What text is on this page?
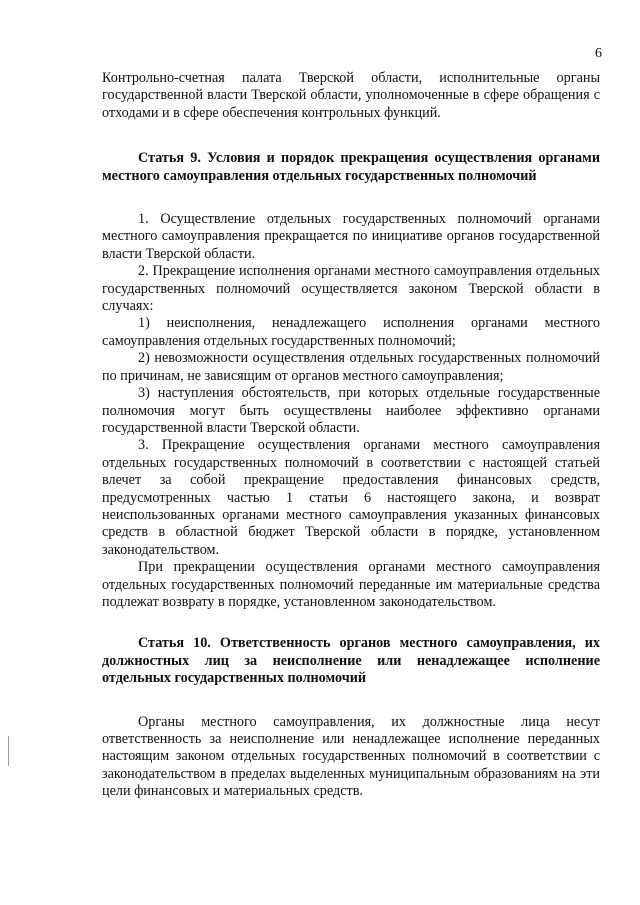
6

Контрольно-счетная палата Тверской области, исполнительные органы государственной власти Тверской области, уполномоченные в сфере обращения с отходами и в сфере обеспечения контрольных функций.

Статья 9. Условия и порядок прекращения осуществления органами местного самоуправления отдельных государственных полномочий

1. Осуществление отдельных государственных полномочий органами местного самоуправления прекращается по инициативе органов государственной власти Тверской области.

2. Прекращение исполнения органами местного самоуправления отдельных государственных полномочий осуществляется законом Тверской области в случаях:

1) неисполнения, ненадлежащего исполнения органами местного самоуправления отдельных государственных полномочий;

2) невозможности осуществления отдельных государственных полномочий по причинам, не зависящим от органов местного самоуправления;

3) наступления обстоятельств, при которых отдельные государственные полномочия могут быть осуществлены наиболее эффективно органами государственной власти Тверской области.

3. Прекращение осуществления органами местного самоуправления отдельных государственных полномочий в соответствии с настоящей статьей влечет за собой прекращение предоставления финансовых средств, предусмотренных частью 1 статьи 6 настоящего закона, и возврат неиспользованных органами местного самоуправления указанных финансовых средств в областной бюджет Тверской области в порядке, установленном законодательством.

При прекращении осуществления органами местного самоуправления отдельных государственных полномочий переданные им материальные средства подлежат возврату в порядке, установленном законодательством.

Статья 10. Ответственность органов местного самоуправления, их должностных лиц за неисполнение или ненадлежащее исполнение отдельных государственных полномочий

Органы местного самоуправления, их должностные лица несут ответственность за неисполнение или ненадлежащее исполнение переданных настоящим законом отдельных государственных полномочий в соответствии с законодательством в пределах выделенных муниципальным образованиям на эти цели финансовых и материальных средств.
